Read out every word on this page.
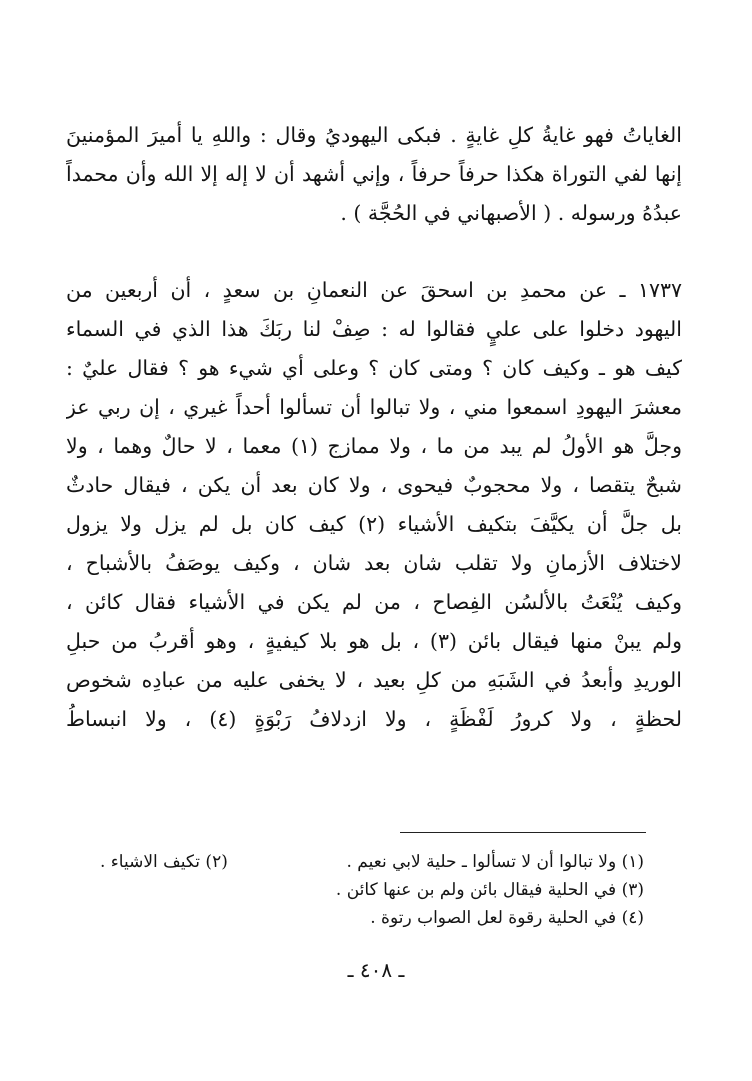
الغاياتُ فهو غايةُ كلِ غايةٍ . فبكى اليهوديُ وقال : واللهِ يا أميرَ المؤمنينَ
إنها لفي التوراة هكذا حرفاً حرفاً ، وإني أشهد أن لا إله إلا الله وأن محمداً
عبدُهُ ورسوله . ( الأصبهاني في الحُجَّة ) .
١٧٣٧ ـ عن محمدِ بن اسحقَ عن النعمانِ بن سعدٍ ، أن أربعين من
اليهود دخلوا على عليٍ فقالوا له : صِفْ لنا ربَكَ هذا الذي في السماء
كيف هو ـ وكيف كان ؟ ومتى كان ؟ وعلى أي شيء هو ؟ فقال عليٌ :
معشرَ اليهودِ اسمعوا مني ، ولا تبالوا أن تسألوا أحداً غيري ، إن ربي عز
وجلَّ هو الأولُ لم يبد من ما ، ولا ممازج (١) معما ، لا حالٌ وهما ، ولا
شبحٌ يتقصا ، ولا محجوبٌ فيحوى ، ولا كان بعد أن يكن ، فيقال حادثٌ
بل جلَّ أن يكيَّفَ بتكيف الأشياء (٢) كيف كان بل لم يزل ولا يزول
لاختلاف الأزمانِ ولا تقلب شان بعد شان ، وكيف يوصَفُ بالأشباح ،
وكيف يُنْعَتُ بالألسُن الفِصاح ، من لم يكن في الأشياء فقال كائن ،
ولم يبنْ منها فيقال بائن (٣) ، بل هو بلا كيفيةٍ ، وهو أقربُ من حبلِ
الوريدِ وأبعدُ في الشَبَهِ من كلِ بعيد ، لا يخفى عليه من عبادِه شخوص
لحظةٍ ، ولا كرورُ لَفْظَةٍ ، ولا ازدلافُ رَبْوَةٍ (٤) ، ولا انبساطُ
(١) ولا تبالوا أن لا تسألوا ـ حلية لابي نعيم .
(٢) تكيف الاشياء .
(٣) في الحلية فيقال بائن ولم بن عنها كائن .
(٤) في الحلية رقوة لعل الصواب رتوة .
ـ ٤٠٨ ـ
